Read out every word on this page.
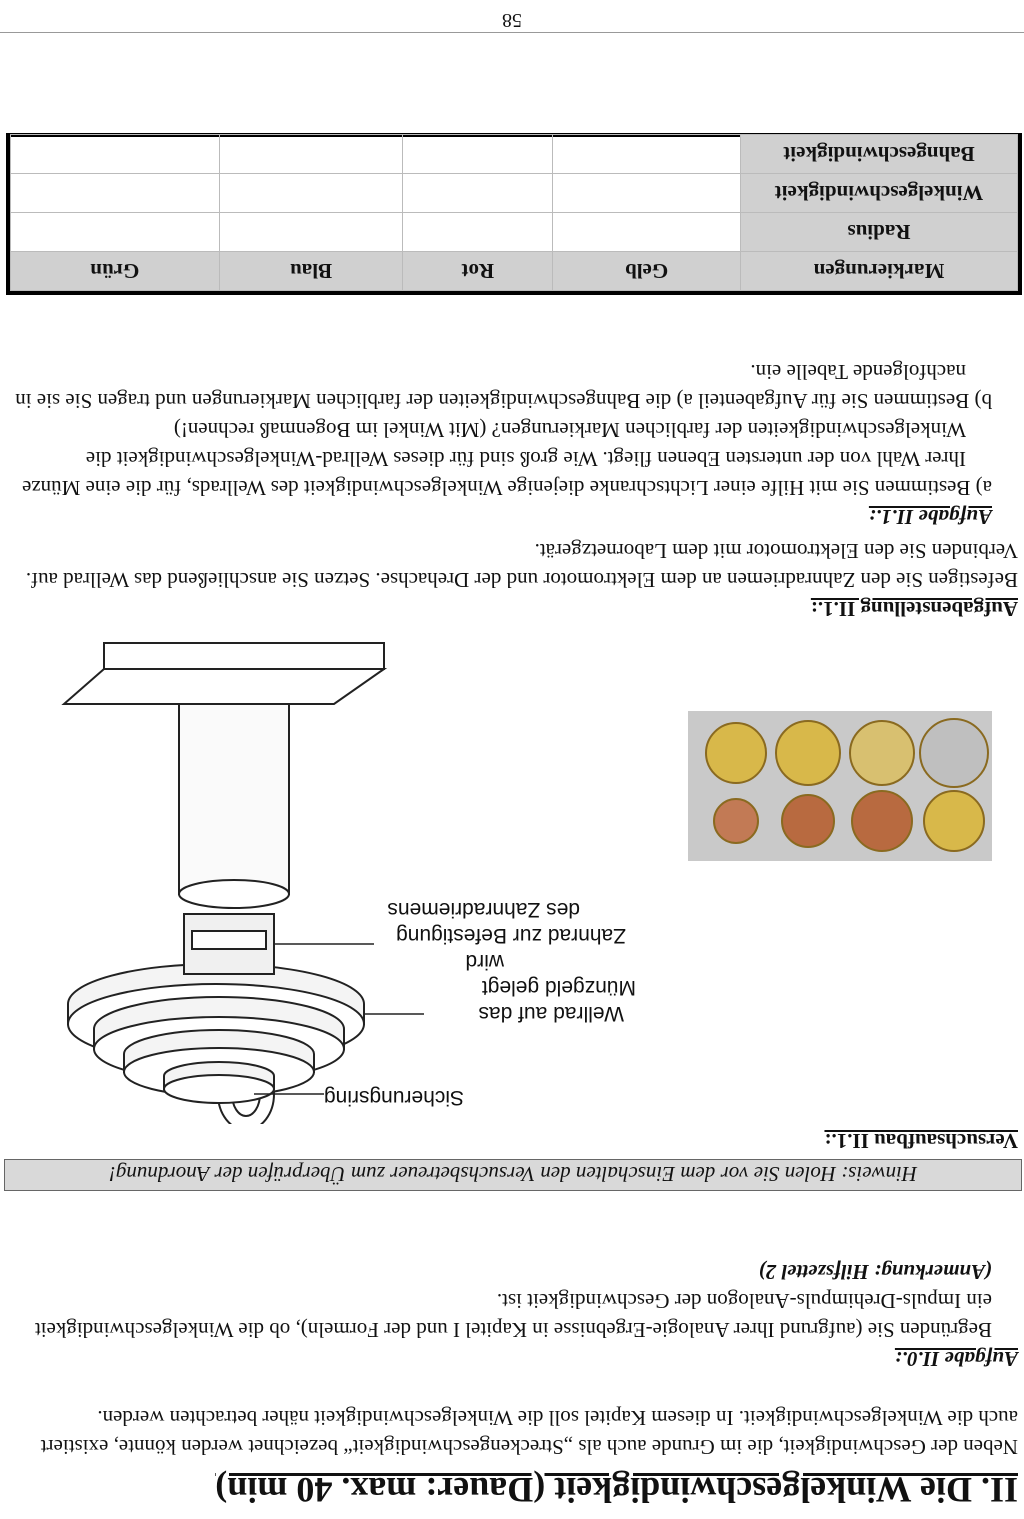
II. Die Winkelgeschwindigkeit (Dauer: max. 40 min)
Neben der Geschwindigkeit, die im Grunde auch als „Streckengeschwindigkeit“ bezeichnet werden könnte, existiert auch die Winkelgeschwindigkeit. In diesem Kapitel soll die Winkelgeschwindigkeit näher betrachten werden.
Aufgabe II.0.:
Begründen Sie (aufgrund Ihrer Analogie-Ergebnisse in Kapitel I und der Formeln), ob die Winkelgeschwindigkeit ein Impuls-Drehimpuls-Analogon der Geschwindigkeit ist.
(Anmerkung: Hilfszettel 2)
Hinweis: Holen Sie vor dem Einschalten den Versuchsbetreuer zum Überprüfen der Anordnung!
Versuchsaufbau II.1.:
Sicherungsring
Wellrad auf das
Münzgeld gelegt
wird
Zahnrad zur Befestigung
des Zahnradriemens
Aufgabenstellung II.1.:
Befestigen Sie den Zahnradriemen an dem Elektromotor und der Drehachse. Setzen Sie anschließend das Wellrad auf. Verbinden Sie den Elektromotor mit dem Labornetzgerät.
Aufgabe II.1.:
a) Bestimmen Sie mit Hilfe einer Lichtschranke diejenige Winkelgeschwindigkeit des Wellrads, für die eine Münze Ihrer Wahl von der untersten Ebenen fliegt. Wie groß sind für dieses Wellrad-Winkelgeschwindigkeit die Winkelgeschwindigkeiten der farblichen Markierungen? (Mit Winkel im Bogenmaß rechnen!)
b) Bestimmen Sie für Aufgabenteil a) die Bahngeschwindigkeiten der farblichen Markierungen und tragen Sie sie in nachfolgende Tabelle ein.
Markierungen	Gelb	Rot	Blau	Grün
Radius				
Winkelgeschwindigkeit				
Bahngeschwindigkeit				
58
